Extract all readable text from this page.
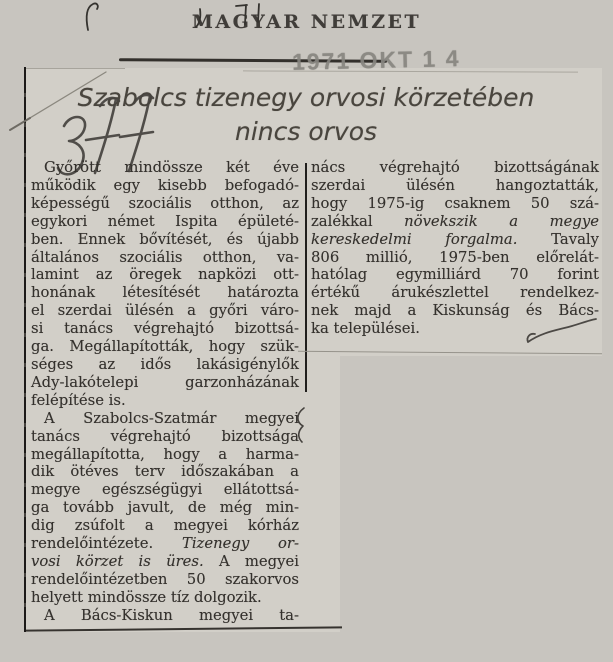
MAGYAR NEMZET
1971 OKT 1 4
Szabolcs tizenegy orvosi körzetében
nincs orvos
Győrött mindössze két éve
működik egy kisebb befogadó-
képességű szociális otthon, az
egykori német Ispita épületé-
ben. Ennek bővítését, és újabb
általános szociális otthon, va-
lamint az öregek napközi ott-
honának létesítését határozta
el szerdai ülésén a győri váro-
si tanács végrehajtó bizottsá-
ga. Megállapították, hogy szük-
séges az idős lakásigénylők
Ady-lakótelepi garzonházának
felépítése is.
A Szabolcs-Szatmár megyei
tanács végrehajtó bizottsága
megállapította, hogy a harma-
dik ötéves terv időszakában a
megye egészségügyi ellátottsá-
ga tovább javult, de még min-
dig zsúfolt a megyei kórház
rendelőintézete. Tizenegy or-
vosi körzet is üres. A megyei
rendelőintézetben 50 szakorvos
helyett mindössze tíz dolgozik.
A Bács-Kiskun megyei ta-
nács végrehajtó bizottságának
szerdai ülésén hangoztatták,
hogy 1975-ig csaknem 50 szá-
zalékkal növekszik a megye
kereskedelmi forgalma. Tavaly
806 millió, 1975-ben előrelát-
hatólag egymilliárd 70 forint
értékű árukészlettel rendelkez-
nek majd a Kiskunság és Bács-
ka települései.
